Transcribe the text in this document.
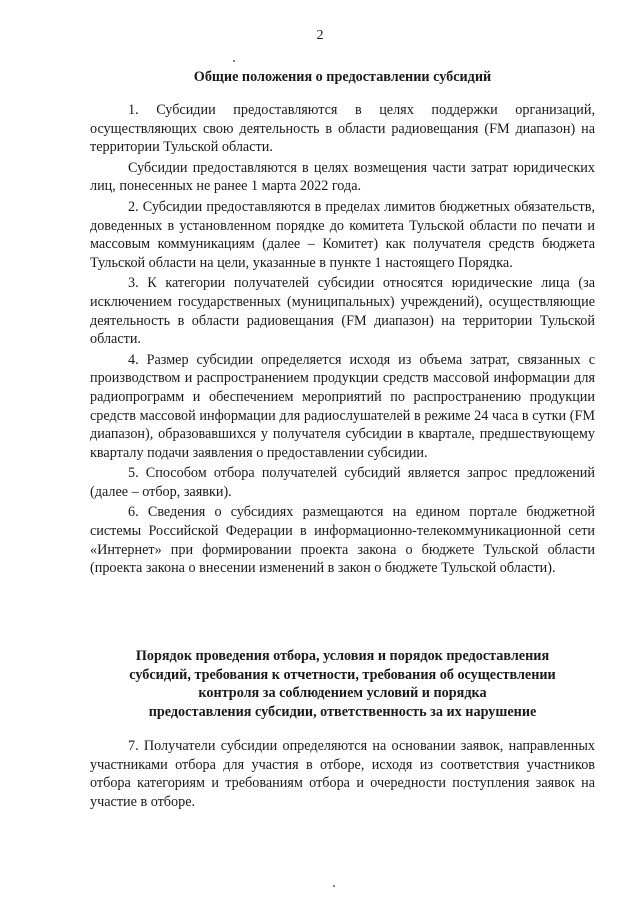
2
Общие положения о предоставлении субсидий

1. Субсидии предоставляются в целях поддержки организаций, осуществляющих свою деятельность в области радиовещания (FM диапазон) на территории Тульской области.

Субсидии предоставляются в целях возмещения части затрат юридических лиц, понесенных не ранее 1 марта 2022 года.

2. Субсидии предоставляются в пределах лимитов бюджетных обязательств, доведенных в установленном порядке до комитета Тульской области по печати и массовым коммуникациям (далее – Комитет) как получателя средств бюджета Тульской области на цели, указанные в пункте 1 настоящего Порядка.

3. К категории получателей субсидии относятся юридические лица (за исключением государственных (муниципальных) учреждений), осуществляющие деятельность в области радиовещания (FM диапазон) на территории Тульской области.

4. Размер субсидии определяется исходя из объема затрат, связанных с производством и распространением продукции средств массовой информации для радиопрограмм и обеспечением мероприятий по распространению продукции средств массовой информации для радиослушателей в режиме 24 часа в сутки (FM диапазон), образовавшихся у получателя субсидии в квартале, предшествующему кварталу подачи заявления о предоставлении субсидии.

5. Способом отбора получателей субсидий является запрос предложений (далее – отбор, заявки).

6. Сведения о субсидиях размещаются на едином портале бюджетной системы Российской Федерации в информационно-телекоммуникационной сети «Интернет» при формировании проекта закона о бюджете Тульской области (проекта закона о внесении изменений в закон о бюджете Тульской области).

Порядок проведения отбора, условия и порядок предоставления
субсидий, требования к отчетности, требования об осуществлении
контроля за соблюдением условий и порядка
предоставления субсидии, ответственность за их нарушение

7. Получатели субсидии определяются на основании заявок, направленных участниками отбора для участия в отборе, исходя из соответствия участников отбора категориям и требованиям отбора и очередности поступления заявок на участие в отборе.
